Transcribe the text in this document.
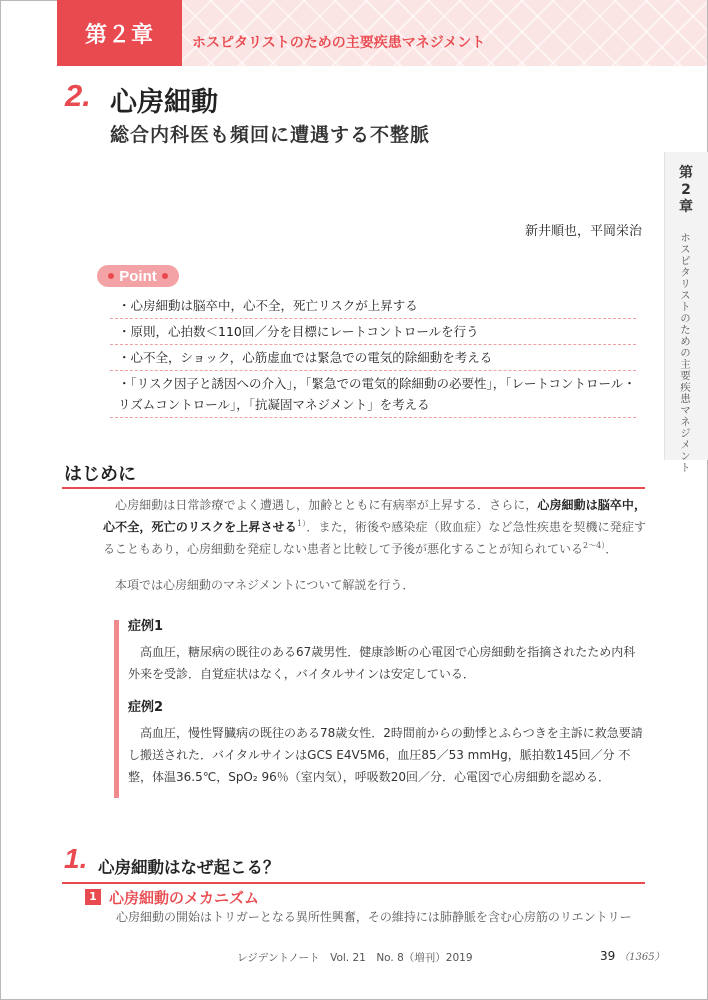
第２章	ホスピタリストのための主要疾患マネジメント
2. 心房細動
総合内科医も頻回に遭遇する不整脈
第2章
ホスピタリストのための主要疾患マネジメント
新井順也，平岡栄治
Point
・心房細動は脳卒中，心不全，死亡リスクが上昇する
・原則，心拍数＜110回／分を目標にレートコントロールを行う
・心不全，ショック，心筋虚血では緊急での電気的除細動を考える
・「リスク因子と誘因への介入」，「緊急での電気的除細動の必要性」，「レートコントロール・リズムコントロール」，「抗凝固マネジメント」を考える
はじめに
心房細動は日常診療でよく遭遇し，加齢とともに有病率が上昇する．さらに，心房細動は脳卒中，心不全，死亡のリスクを上昇させる$^{1)}$．また，術後や感染症（敗血症）など急性疾患を契機に発症することもあり，心房細動を発症しない患者と比較して予後が悪化することが知られている$^{2\sim 4)}$．
本項では心房細動のマネジメントについて解説を行う．
症例1
　高血圧，糖尿病の既往のある67歳男性．健康診断の心電図で心房細動を指摘されたため内科外来を受診．自覚症状はなく，バイタルサインは安定している．
症例2
　高血圧，慢性腎臓病の既往のある78歳女性．2時間前からの動悸とふらつきを主訴に救急要請し搬送された．バイタルサインはGCS E4V5M6，血圧85／53 mmHg，脈拍数145回／分 不整，体温36.5℃，SpO₂ 96％（室内気），呼吸数20回／分．心電図で心房細動を認める．
1. 心房細動はなぜ起こる？
1 心房細動のメカニズム
心房細動の開始はトリガーとなる異所性興奮，その維持には肺静脈を含む心房筋のリエントリー
レジデントノート　Vol. 21　No. 8（増刊）2019	39 （1365）
